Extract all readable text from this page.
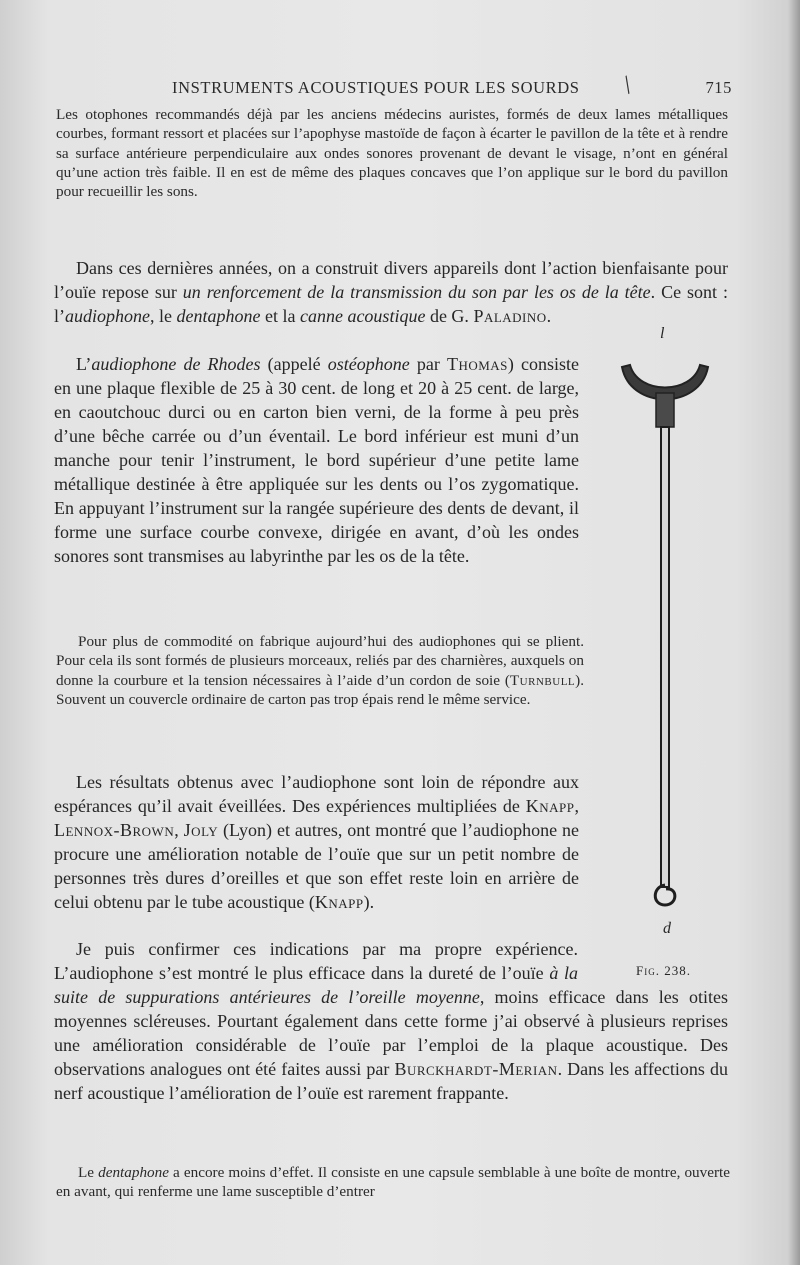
INSTRUMENTS ACOUSTIQUES POUR LES SOURDS /	715

Les otophones recommandés déjà par les anciens médecins auristes, formés de deux lames métalliques courbes, formant ressort et placées sur l’apophyse mastoïde de façon à écarter le pavillon de la tête et à rendre sa surface antérieure perpendiculaire aux ondes sonores provenant de devant le visage, n’ont en général qu’une action très faible. Il en est de même des plaques concaves que l’on applique sur le bord du pavillon pour recueillir les sons.

Dans ces dernières années, on a construit divers appareils dont l’action bienfaisante pour l’ouïe repose sur un renforcement de la transmission du son par les os de la tête. Ce sont : l’audiophone, le dentaphone et la canne acoustique de G. Paladino.

L’audiophone de Rhodes (appelé ostéophone par Thomas) consiste en une plaque flexible de 25 à 30 cent. de long et 20 à 25 cent. de large, en caoutchouc durci ou en carton bien verni, de la forme à peu près d’une bêche carrée ou d’un éventail. Le bord inférieur est muni d’un manche pour tenir l’instrument, le bord supérieur d’une petite lame métallique destinée à être appliquée sur les dents ou l’os zygomatique. En appuyant l’instrument sur la rangée supérieure des dents de devant, il forme une surface courbe convexe, dirigée en avant, d’où les ondes sonores sont transmises au labyrinthe par les os de la tête.

Pour plus de commodité on fabrique aujourd’hui des audiophones qui se plient. Pour cela ils sont formés de plusieurs morceaux, reliés par des charnières, auxquels on donne la courbure et la tension nécessaires à l’aide d’un cordon de soie (Turnbull). Souvent un couvercle ordinaire de carton pas trop épais rend le même service.

Les résultats obtenus avec l’audiophone sont loin de répondre aux espérances qu’il avait éveillées. Des expériences multipliées de Knapp, Lennox-Brown, Joly (Lyon) et autres, ont montré que l’audiophone ne procure une amélioration notable de l’ouïe que sur un petit nombre de personnes très dures d’oreilles et que son effet reste loin en arrière de celui obtenu par le tube acoustique (Knapp).

Je puis confirmer ces indications par ma propre expérience. L’audiophone s’est montré le plus efficace dans la dureté de l’ouïe à la suite de suppurations antérieures de l’oreille moyenne, moins efficace dans les otites moyennes scléreuses. Pourtant également dans cette forme j’ai observé à plusieurs reprises une amélioration considérable de l’ouïe par l’emploi de la plaque acoustique. Des observations analogues ont été faites aussi par Burckhardt-Merian. Dans les affections du nerf acoustique l’amélioration de l’ouïe est rarement frappante.

Le dentaphone a encore moins d’effet. Il consiste en une capsule semblable à une boîte de montre, ouverte en avant, qui renferme une lame susceptible d’entrer

l
d
Fig. 238.
